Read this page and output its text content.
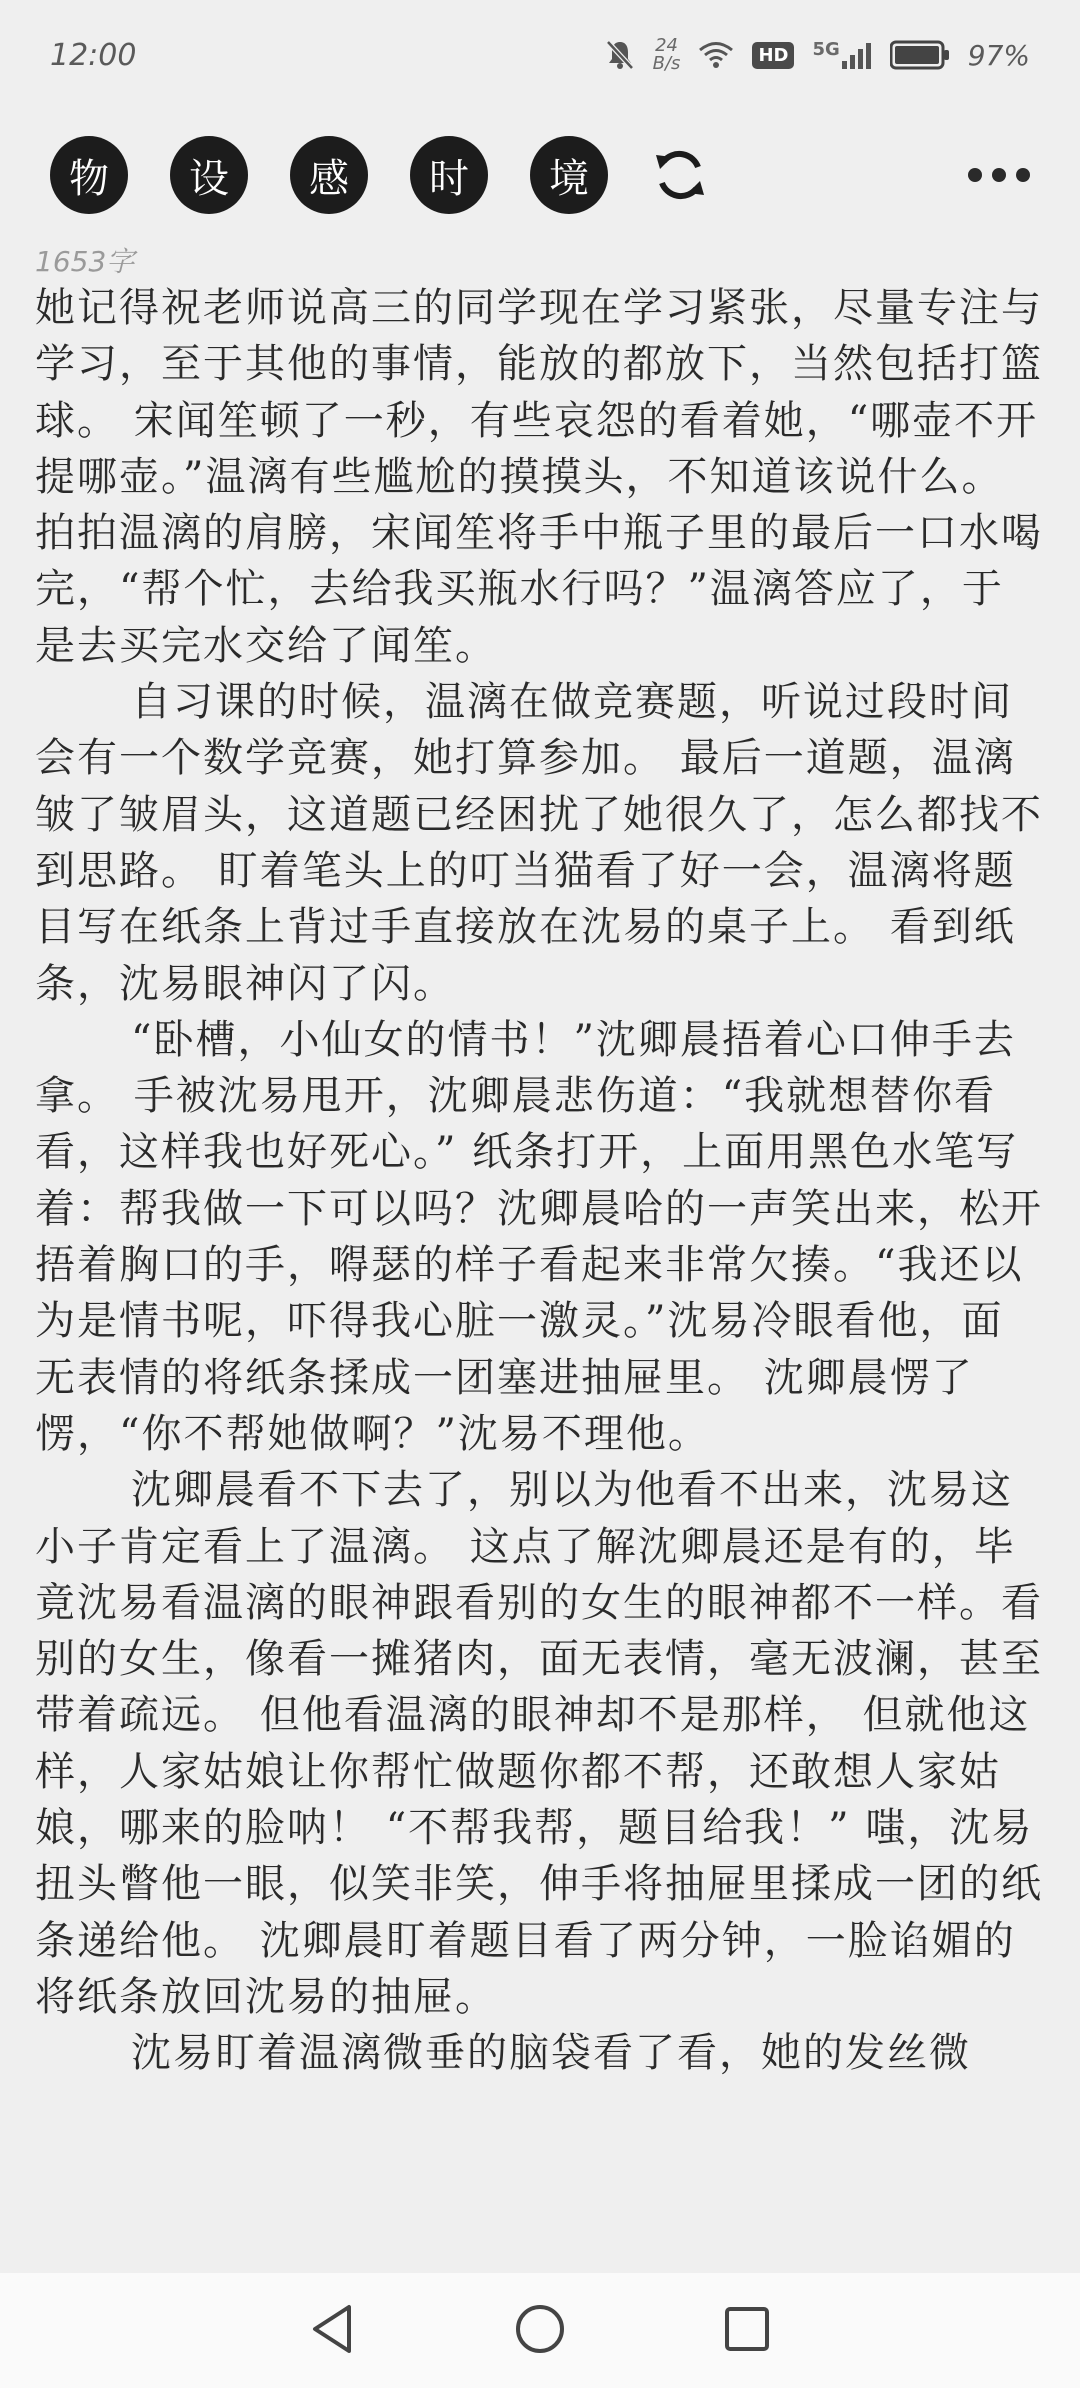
12:00	24
B/s	HD	5G	97%
物	设	感	时	境
1653字

她记得祝老师说高三的同学现在学习紧张，尽量专注与学习，至于其他的事情，能放的都放下，当然包括打篮球。 宋闻笙顿了一秒，有些哀怨的看着她，“哪壶不开提哪壶。”温漓有些尴尬的摸摸头，不知道该说什么。拍拍温漓的肩膀，宋闻笙将手中瓶子里的最后一口水喝完，“帮个忙，去给我买瓶水行吗？”温漓答应了，于是去买完水交给了闻笙。

自习课的时候，温漓在做竞赛题，听说过段时间会有一个数学竞赛，她打算参加。 最后一道题，温漓皱了皱眉头，这道题已经困扰了她很久了，怎么都找不到思路。 盯着笔头上的叮当猫看了好一会，温漓将题目写在纸条上背过手直接放在沈易的桌子上。 看到纸条，沈易眼神闪了闪。

“卧槽，小仙女的情书！”沈卿晨捂着心口伸手去拿。 手被沈易甩开，沈卿晨悲伤道：“我就想替你看看，这样我也好死心。” 纸条打开，上面用黑色水笔写着：帮我做一下可以吗？沈卿晨哈的一声笑出来，松开捂着胸口的手，嘚瑟的样子看起来非常欠揍。“我还以为是情书呢，吓得我心脏一激灵。”沈易冷眼看他，面无表情的将纸条揉成一团塞进抽屉里。 沈卿晨愣了愣，“你不帮她做啊？”沈易不理他。

沈卿晨看不下去了，别以为他看不出来，沈易这小子肯定看上了温漓。 这点了解沈卿晨还是有的，毕竟沈易看温漓的眼神跟看别的女生的眼神都不一样。看别的女生，像看一摊猪肉，面无表情，毫无波澜，甚至带着疏远。 但他看温漓的眼神却不是那样， 但就他这样，人家姑娘让你帮忙做题你都不帮，还敢想人家姑娘，哪来的脸呐！ “不帮我帮，题目给我！” 嗤，沈易扭头瞥他一眼，似笑非笑，伸手将抽屉里揉成一团的纸条递给他。 沈卿晨盯着题目看了两分钟，一脸谄媚的将纸条放回沈易的抽屉。

沈易盯着温漓微垂的脑袋看了看，她的发丝微
